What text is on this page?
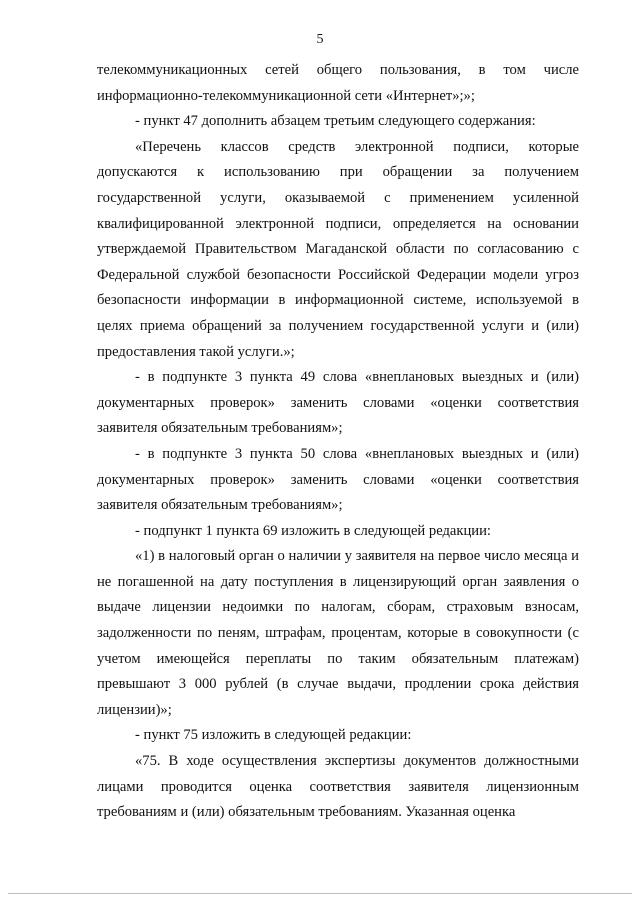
5

телекоммуникационных сетей общего пользования, в том числе информационно-телекоммуникационной сети «Интернет»;»;

- пункт 47 дополнить абзацем третьим следующего содержания:

«Перечень классов средств электронной подписи, которые допускаются к использованию при обращении за получением государственной услуги, оказываемой с применением усиленной квалифицированной электронной подписи, определяется на основании утверждаемой Правительством Магаданской области по согласованию с Федеральной службой безопасности Российской Федерации модели угроз безопасности информации в информационной системе, используемой в целях приема обращений за получением государственной услуги и (или) предоставления такой услуги.»;

- в подпункте 3 пункта 49 слова «внеплановых выездных и (или) документарных проверок» заменить словами «оценки соответствия заявителя обязательным требованиям»;

- в подпункте 3 пункта 50 слова «внеплановых выездных и (или) документарных проверок» заменить словами «оценки соответствия заявителя обязательным требованиям»;

- подпункт 1 пункта 69 изложить в следующей редакции:

«1) в налоговый орган о наличии у заявителя на первое число месяца и не погашенной на дату поступления в лицензирующий орган заявления о выдаче лицензии недоимки по налогам, сборам, страховым взносам, задолженности по пеням, штрафам, процентам, которые в совокупности (с учетом имеющейся переплаты по таким обязательным платежам) превышают 3 000 рублей (в случае выдачи, продлении срока действия лицензии)»;

- пункт 75 изложить в следующей редакции:

«75. В ходе осуществления экспертизы документов должностными лицами проводится оценка соответствия заявителя лицензионным требованиям и (или) обязательным требованиям. Указанная оценка
